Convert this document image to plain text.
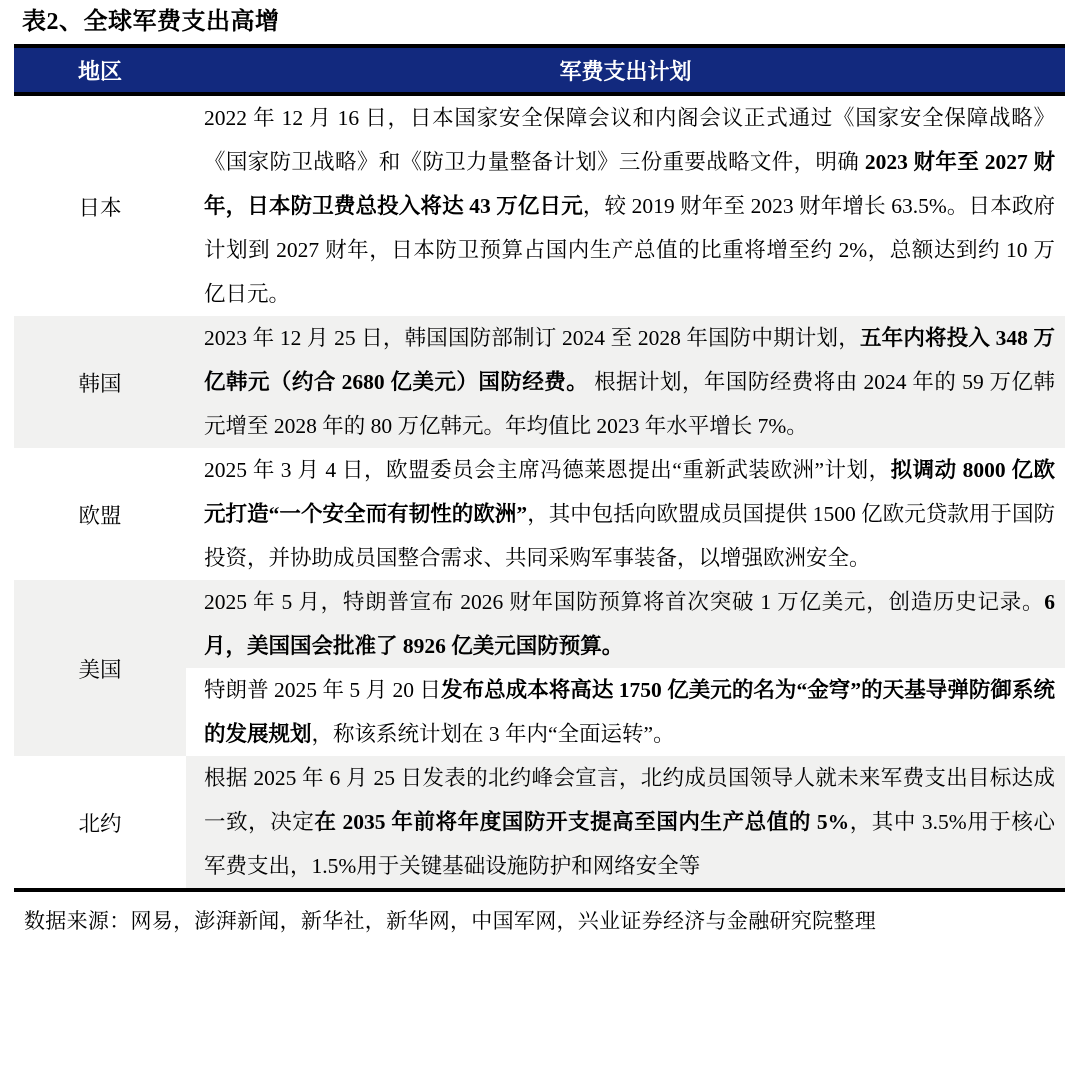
表2、全球军费支出高增
地区	军费支出计划
日本
2022 年 12 月 16 日，日本国家安全保障会议和内阁会议正式通过《国家安全保障战略》《国家防卫战略》和《防卫力量整备计划》三份重要战略文件，明确 2023 财年至 2027 财年，日本防卫费总投入将达 43 万亿日元，较 2019 财年至 2023 财年增长 63.5%。日本政府计划到 2027 财年，日本防卫预算占国内生产总值的比重将增至约 2%，总额达到约 10 万亿日元。
韩国
2023 年 12 月 25 日，韩国国防部制订 2024 至 2028 年国防中期计划，五年内将投入 348 万亿韩元（约合 2680 亿美元）国防经费。 根据计划，年国防经费将由 2024 年的 59 万亿韩元增至 2028 年的 80 万亿韩元。年均值比 2023 年水平增长 7%。
欧盟
2025 年 3 月 4 日，欧盟委员会主席冯德莱恩提出“重新武装欧洲”计划，拟调动 8000 亿欧元打造“一个安全而有韧性的欧洲”，其中包括向欧盟成员国提供 1500 亿欧元贷款用于国防投资，并协助成员国整合需求、共同采购军事装备，以增强欧洲安全。
美国
2025 年 5 月，特朗普宣布 2026 财年国防预算将首次突破 1 万亿美元，创造历史记录。6 月，美国国会批准了 8926 亿美元国防预算。
特朗普 2025 年 5 月 20 日发布总成本将高达 1750 亿美元的名为“金穹”的天基导弹防御系统的发展规划，称该系统计划在 3 年内“全面运转”。
北约
根据 2025 年 6 月 25 日发表的北约峰会宣言，北约成员国领导人就未来军费支出目标达成一致，决定在 2035 年前将年度国防开支提高至国内生产总值的 5%，其中 3.5%用于核心军费支出，1.5%用于关键基础设施防护和网络安全等
数据来源：网易，澎湃新闻，新华社，新华网，中国军网，兴业证券经济与金融研究院整理
